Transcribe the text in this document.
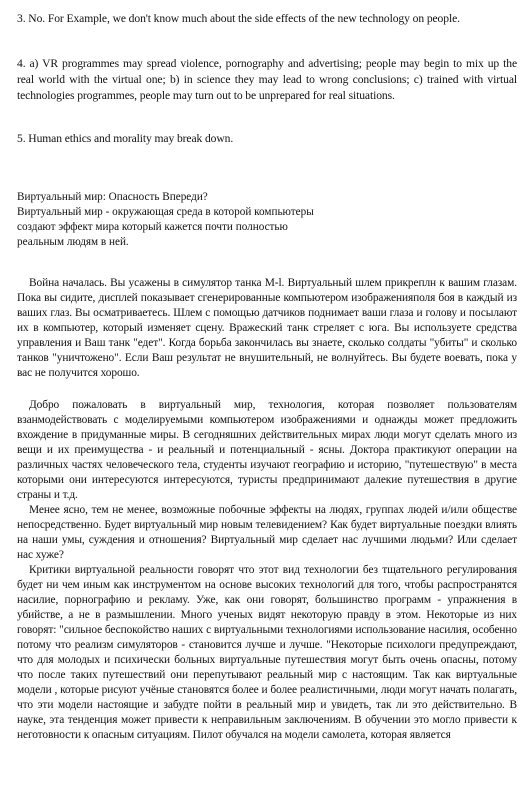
3. No. For Example, we don't know much about the side effects of the new technology on people.

4. a) VR programmes may spread violence, pornography and advertising; people may begin to mix up the real world with the virtual one; b) in science they may lead to wrong conclusions; c) trained with virtual technologies programmes, people may turn out to be unprepared for real situations.

5. Human ethics and morality may break down.

Виртуальный мир: Опасность Впереди?
Виртуальный мир - окружающая среда в которой компьютеры создают эффект мира который кажется почти полностью реальным людям в ней.

Война началась. Вы усажены в симулятор танка M-l. Виртуальный шлем прикреплн к вашим глазам. Пока вы сидите, дисплей показывает сгенерированные компьютером изображенияполя боя в каждый из ваших глаз. Вы осматриваетесь. Шлем с помощью датчиков поднимает ваши глаза и голову и посылают их в компьютер, который изменяет сцену. Вражеский танк стреляет с юга. Вы используете средства управления и Ваш танк "едет". Когда борьба закончилась вы знаете, сколько солдаты "убиты" и сколько танков "уничтожено". Если Ваш результат не внушительный, не волнуйтесь. Вы будете воевать, пока у вас не получится хорошо.

Добро пожаловать в виртуальный мир, технология, которая позволяет пользователям взанмодействовать с моделируемыми компьютером изображениями и однажды может предложить вхождение в придуманные миры. В сегодняшних действительных мирах люди могут сделать много из вещи и их преимущества - и реальный и потенциальный - ясны. Доктора практикуют операции на различных частях человеческого тела, студенты изучают географию и историю, "путешествую" в места которыми они интересуются интересуются, туристы предпринимают далекие путешествия в другие страны и т.д.

Менее ясно, тем не менее, возможные побочные эффекты на людях, группах людей и/или обществе непосредственно. Будет виртуальный мир новым телевидением? Как будет виртуальные поездки влиять на наши умы, суждения и отношения? Виртуальный мир сделает нас лучшими людьми? Или сделает нас хуже?

Критики виртуальной реальности говорят что этот вид технологии без тщательного регулирования будет ни чем иным как инструментом на основе высоких технологий для того, чтобы распространятся насилие, порнографию и рекламу. Уже, как они говорят, большинство программ - упражнения в убийстве, а не в размышлении. Много ученых видят некоторую правду в этом. Некоторые из них говорят: "сильное беспокойство наших с виртуальными технологиями использование насилия, особенно потому что реализм симуляторов - становится лучше и лучше. "Некоторые психологи предупреждают, что для молодых и психически больных виртуальные путешествия могут быть очень опасны, потому что после таких путешествий они перепутывают реальный мир с настоящим. Так как виртуальные модели , которые рисуют учёные становятся более и более реалистичными, люди могут начать полагать, что эти модели настоящие и забудте пойти в реальный мир и увидеть, так ли это действительно. В науке, эта тенденция может привести к неправильным заключениям. В обучении это могло привести к неготовности к опасным ситуациям. Пилот обучался на модели самолета, которая является
